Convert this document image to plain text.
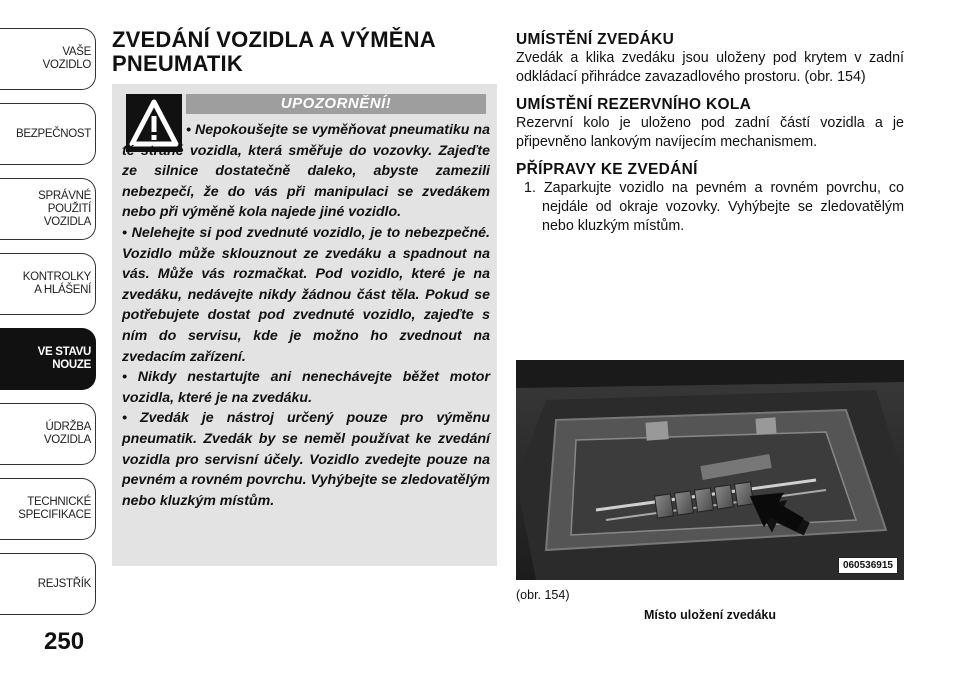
VAŠE
VOZIDLO
BEZPEČNOST
SPRÁVNÉ
POUŽITÍ
VOZIDLA
KONTROLKY
A HLÁŠENÍ
VE STAVU
NOUZE
ÚDRŽBA
VOZIDLA
TECHNICKÉ
SPECIFIKACE
REJSTŘÍK
250
ZVEDÁNÍ VOZIDLA A VÝMĚNA PNEUMATIK
UPOZORNĚNÍ!

• Nepokoušejte se vyměňovat pneumatiku na té straně vozidla, která směřuje do vozovky. Zajeďte ze silnice dostatečně daleko, abyste zamezili nebezpečí, že do vás při manipulaci se zvedákem nebo při výměně kola najede jiné vozidlo.

• Nelehejte si pod zvednuté vozidlo, je to nebezpečné. Vozidlo může sklouznout ze zvedáku a spadnout na vás. Může vás rozmačkat. Pod vozidlo, které je na zvedáku, nedávejte nikdy žádnou část těla. Pokud se potřebujete dostat pod zvednuté vozidlo, zajeďte s ním do servisu, kde je možno ho zvednout na zvedacím zařízení.

• Nikdy nestartujte ani nenechávejte běžet motor vozidla, které je na zvedáku.

• Zvedák je nástroj určený pouze pro výměnu pneumatik. Zvedák by se neměl používat ke zvedání vozidla pro servisní účely. Vozidlo zvedejte pouze na pevném a rovném povrchu. Vyhýbejte se zledovatělým nebo kluzkým místům.

UMÍSTĚNÍ ZVEDÁKU

Zvedák a klika zvedáku jsou uloženy pod krytem v zadní odkládací přihrádce zavazadlového prostoru. (obr. 154)

UMÍSTĚNÍ REZERVNÍHO KOLA

Rezervní kolo je uloženo pod zadní částí vozidla a je připevněno lankovým navíjecím mechanismem.

PŘÍPRAVY KE ZVEDÁNÍ
1. Zaparkujte vozidlo na pevném a rovném povrchu, co nejdále od okraje vozovky. Vyhýbejte se zledovatělým nebo kluzkým místům.
060536915
(obr. 154)
Místo uložení zvedáku
